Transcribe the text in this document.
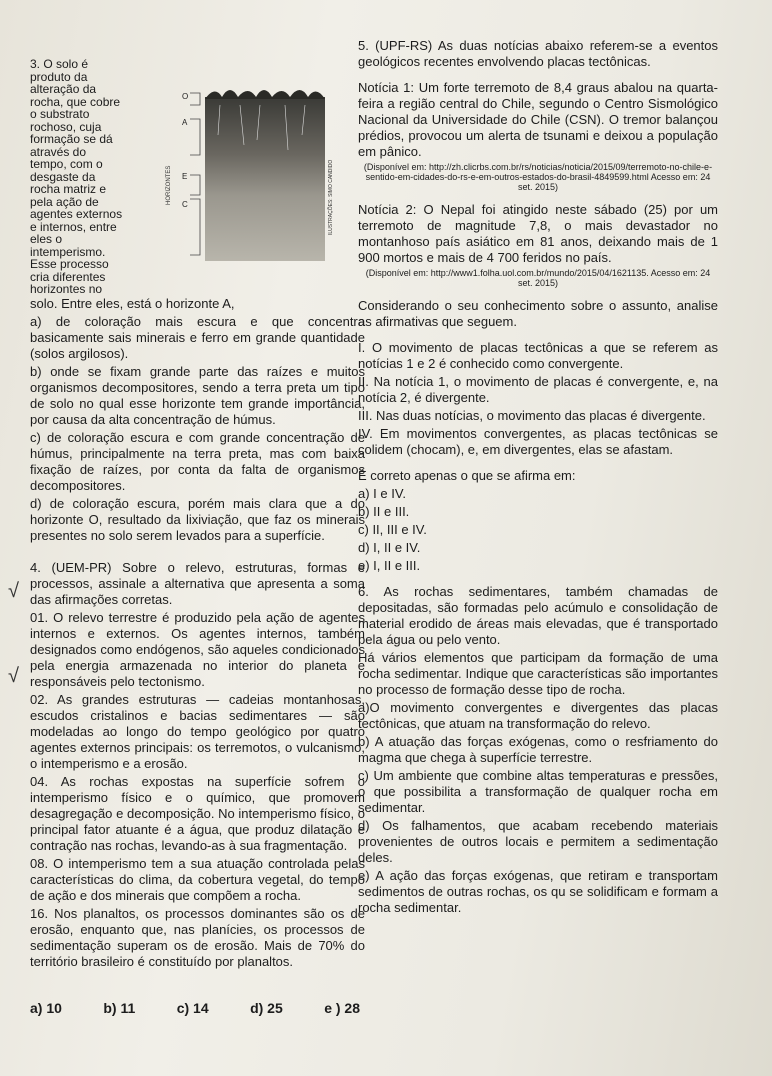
3. O solo é
produto da
alteração da
rocha, que cobre
o substrato
rochoso, cuja
formação se dá
através do
tempo, com o
desgaste da
rocha matriz e
pela ação de
agentes externos
e internos, entre
eles o
intemperismo.
Esse processo
cria diferentes
horizontes no

solo. Entre eles, está o horizonte A,

a) de coloração mais escura e que concentra basicamente sais minerais e ferro em grande quantidade (solos argilosos).

b) onde se fixam grande parte das raízes e muitos organismos decompositores, sendo a terra preta um tipo de solo no qual esse horizonte tem grande importância, por causa da alta concentração de húmus.

c) de coloração escura e com grande concentração de húmus, principalmente na terra preta, mas com baixa fixação de raízes, por conta da falta de organismos decompositores.

d) de coloração escura, porém mais clara que a do horizonte O, resultado da lixiviação, que faz os minerais presentes no solo serem levados para a superfície.

4. (UEM-PR) Sobre o relevo, estruturas, formas e processos, assinale a alternativa que apresenta a soma das afirmações corretas.

01. O relevo terrestre é produzido pela ação de agentes internos e externos. Os agentes internos, também designados como endógenos, são aqueles condicionados pela energia armazenada no interior do planeta e responsáveis pelo tectonismo.

02. As grandes estruturas — cadeias montanhosas, escudos cristalinos e bacias sedimentares — são modeladas ao longo do tempo geológico por quatro agentes externos principais: os terremotos, o vulcanismo, o intemperismo e a erosão.

04. As rochas expostas na superfície sofrem o intemperismo físico e o químico, que promovem desagregação e decomposição. No intemperismo físico, o principal fator atuante é a água, que produz dilatação e contração nas rochas, levando-as à sua fragmentação.

08. O intemperismo tem a sua atuação controlada pelas características do clima, da cobertura vegetal, do tempo de ação e dos minerais que compõem a rocha.

16. Nos planaltos, os processos dominantes são os de erosão, enquanto que, nas planícies, os processos de sedimentação superam os de erosão. Mais de 70% do território brasileiro é constituído por planaltos.

O
A
E
C
HORIZONTES	ILUSTRAÇÕES: SIMO CANDIDO
√
√
a) 10	b) 11	c) 14	d) 25	e ) 28

5. (UPF-RS) As duas notícias abaixo referem-se a eventos geológicos recentes envolvendo placas tectônicas.

Notícia 1: Um forte terremoto de 8,4 graus abalou na quarta-feira a região central do Chile, segundo o Centro Sismológico Nacional da Universidade do Chile (CSN). O tremor balançou prédios, provocou um alerta de tsunami e deixou a população em pânico.

(Disponível em: http://zh.clicrbs.com.br/rs/noticias/noticia/2015/09/terremoto-no-chile-e-sentido-em-cidades-do-rs-e-em-outros-estados-do-brasil-4849599.html Acesso em: 24 set. 2015)

Notícia 2: O Nepal foi atingido neste sábado (25) por um terremoto de magnitude 7,8, o mais devastador no montanhoso país asiático em 81 anos, deixando mais de 1 900 mortos e mais de 4 700 feridos no país.

(Disponível em: http://www1.folha.uol.com.br/mundo/2015/04/1621135. Acesso em: 24 set. 2015)

Considerando o seu conhecimento sobre o assunto, analise as afirmativas que seguem.

I. O movimento de placas tectônicas a que se referem as notícias 1 e 2 é conhecido como convergente.

II. Na notícia 1, o movimento de placas é convergente, e, na notícia 2, é divergente.

III. Nas duas notícias, o movimento das placas é divergente.

IV. Em movimentos convergentes, as placas tectônicas se colidem (chocam), e, em divergentes, elas se afastam.

É correto apenas o que se afirma em:

a) I e IV.
b) II e III.
c) II, III e IV.
d) I, II e IV.
e) I, II e III.

6. As rochas sedimentares, também chamadas de depositadas, são formadas pelo acúmulo e consolidação de material erodido de áreas mais elevadas, que é transportado pela água ou pelo vento.

Há vários elementos que participam da formação de uma rocha sedimentar. Indique que características são importantes no processo de formação desse tipo de rocha.

a)O movimento convergentes e divergentes das placas tectônicas, que atuam na transformação do relevo.

b) A atuação das forças exógenas, como o resfriamento do magma que chega à superfície terrestre.

c) Um ambiente que combine altas temperaturas e pressões, o que possibilita a transformação de qualquer rocha em sedimentar.

d) Os falhamentos, que acabam recebendo materiais provenientes de outros locais e permitem a sedimentação deles.

e) A ação das forças exógenas, que retiram e transportam sedimentos de outras rochas, os qu se solidificam e formam a rocha sedimentar.
